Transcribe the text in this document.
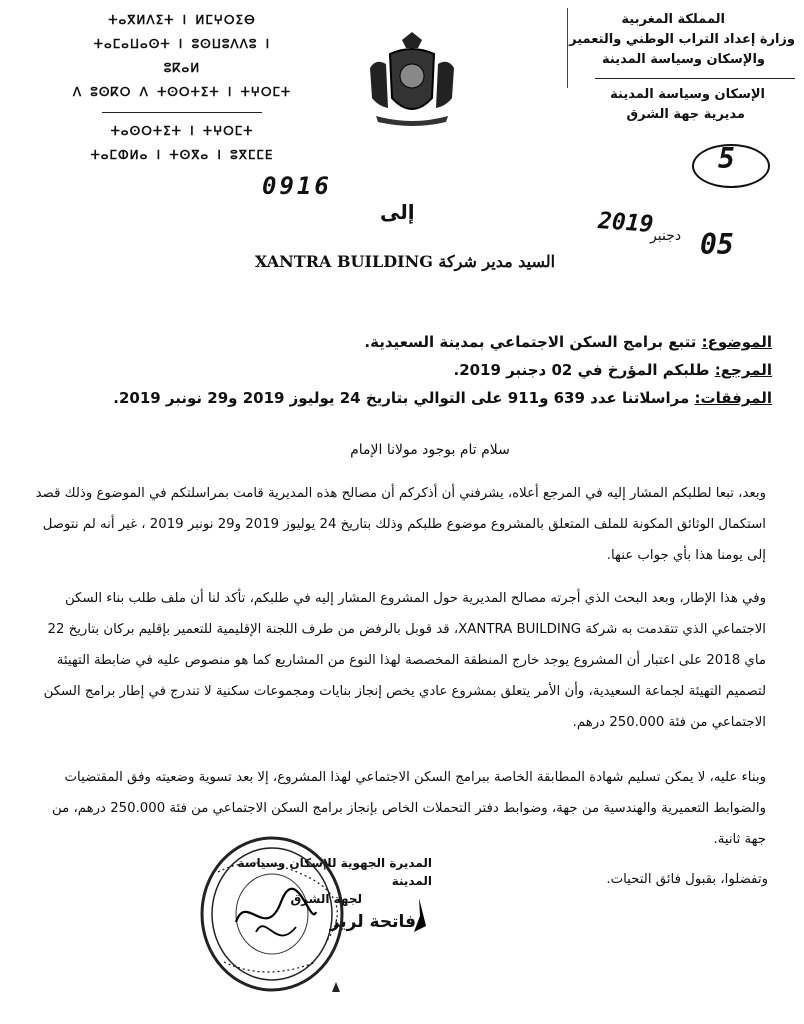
ⵜⴰⴳⵍⴷⵉⵜ ⵏ ⵍⵎⵖⵔⵉⴱ
ⵜⴰⵎⴰⵡⴰⵙⵜ ⵏ ⵓⵙⵡⵓⴷⴷⵓ ⵏ ⵓⴽⴰⵍ
ⴷ ⵓⵙⴽⵔ ⴷ ⵜⵙⵔⵜⵉⵜ ⵏ ⵜⵖⵔⵎⵜ
ⵜⴰⵙⵔⵜⵉⵜ ⵏ ⵜⵖⵔⵎⵜ
ⵜⴰⵎⵀⵍⴰ ⵏ ⵜⵙⴳⴰ ⵏ ⵓⴳⵎⵎⴹ
المملكة المغربية
وزارة إعداد التراب الوطني والتعمير
والإسكان وسياسة المدينة
الإسكان وسياسة المدينة
مديرية جهة الشرق
5
0916
2019
دجنبر 05
إلى
السيد مدير شركة XANTRA BUILDING
الموضوع: تتبع برامج السكن الاجتماعي بمدينة السعيدية.
المرجع: طلبكم المؤرخ في 02 دجنبر 2019.
المرفقات: مراسلاتنا عدد 639 و911 على التوالي بتاريخ 24 يوليوز 2019 و29 نونبر 2019.
سلام تام بوجود مولانا الإمام
وبعد، تبعا لطلبكم المشار إليه في المرجع أعلاه، يشرفني أن أذكركم أن مصالح هذه المديرية قامت بمراسلتكم في الموضوع وذلك قصد استكمال الوثائق المكونة للملف المتعلق بالمشروع موضوع طلبكم وذلك بتاريخ 24 يوليوز 2019 و29 نونبر 2019 ، غير أنه لم نتوصل إلى يومنا هذا بأي جواب عنها.
وفي هذا الإطار، وبعد البحث الذي أجرته مصالح المديرية حول المشروع المشار إليه في طلبكم، تأكد لنا أن ملف طلب بناء السكن الاجتماعي الذي تتقدمت به شركة XANTRA BUILDING، قد قوبل بالرفض من طرف اللجنة الإقليمية للتعمير بإقليم بركان بتاريخ 22 ماي 2018 على اعتبار أن المشروع يوجد خارج المنطقة المخصصة لهذا النوع من المشاريع كما هو منصوص عليه في ضابطة التهيئة لتصميم التهيئة لجماعة السعيدية، وأن الأمر يتعلق بمشروع عادي يخص إنجاز بنايات ومجموعات سكنية لا تندرج في إطار برامج السكن الاجتماعي من فئة 250.000 درهم.
وبناء عليه، لا يمكن تسليم شهادة المطابقة الخاصة ببرامج السكن الاجتماعي لهذا المشروع، إلا بعد تسوية وضعيته وفق المقتضيات والضوابط التعميرية والهندسية من جهة، وضوابط دفتر التحملات الخاص بإنجاز برامج السكن الاجتماعي من فئة 250.000 درهم، من جهة ثانية.
وتفضلوا، بقبول فائق التحيات.
المديرة الجهوية للإسكان وسياسة المدينة
لجهة الشرق
فاتحة لريز
